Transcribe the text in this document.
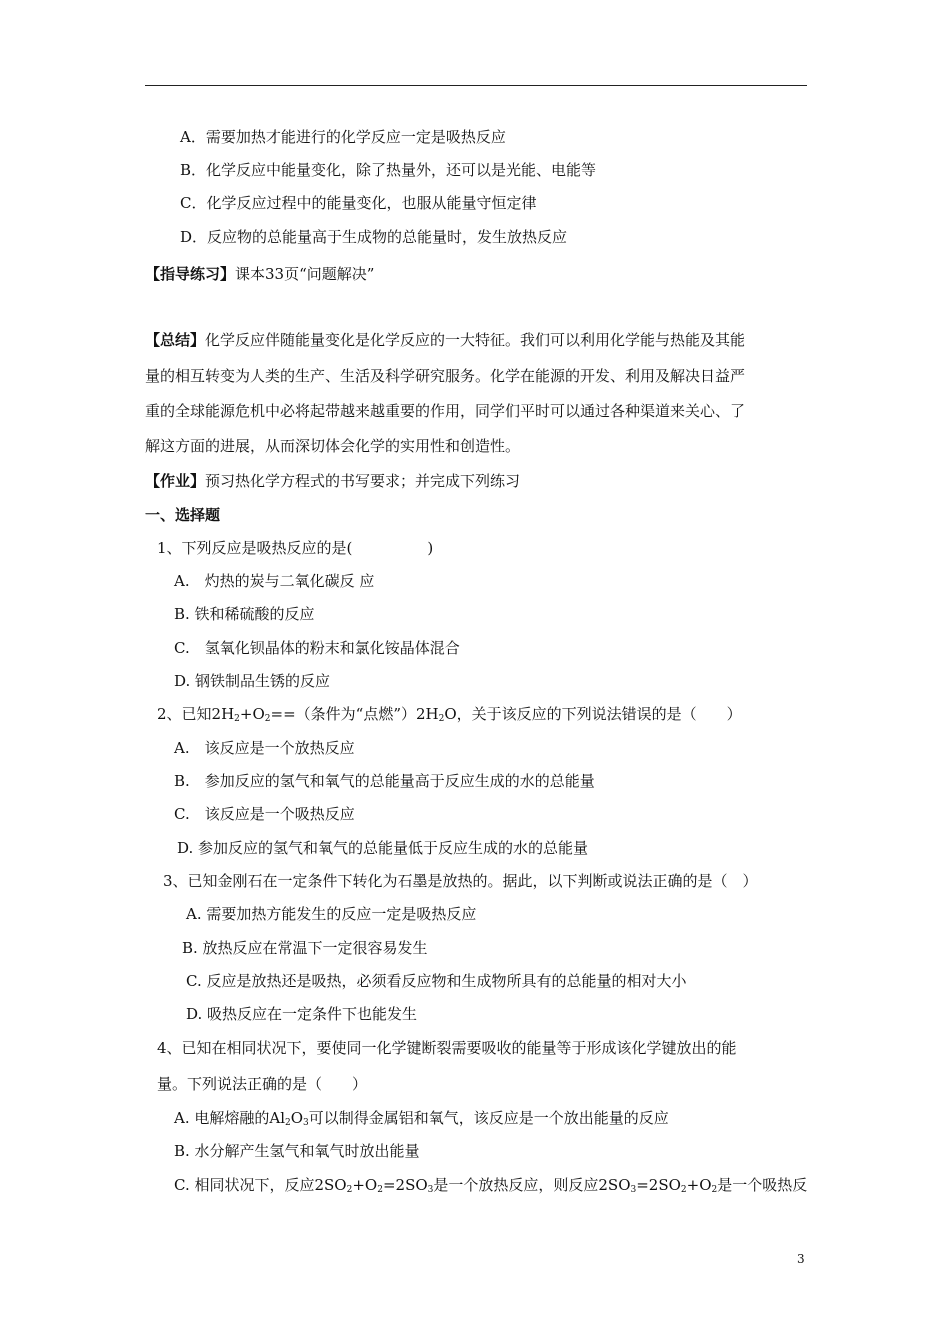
A．需要加热才能进行的化学反应一定是吸热反应
B．化学反应中能量变化，除了热量外，还可以是光能、电能等
C．化学反应过程中的能量变化，也服从能量守恒定律
D．反应物的总能量高于生成物的总能量时，发生放热反应
【指导练习】课本33页“问题解决”
【总结】化学反应伴随能量变化是化学反应的一大特征。我们可以利用化学能与热能及其能
量的相互转变为人类的生产、生活及科学研究服务。化学在能源的开发、利用及解决日益严
重的全球能源危机中必将起带越来越重要的作用，同学们平时可以通过各种渠道来关心、了
解这方面的进展，从而深切体会化学的实用性和创造性。
【作业】预习热化学方程式的书写要求；并完成下列练习
一、选择题
1、下列反应是吸热反应的是(　　　　　)
A.　灼热的炭与二氧化碳反 应
B. 铁和稀硫酸的反应
C.　氢氧化钡晶体的粉末和氯化铵晶体混合
D. 钢铁制品生锈的反应
2、已知$2H_2+O_2==$（条件为“点燃$”)2H_2O$，关于该反应的下列说法错误的是（　　）
A.　该反应是一个放热反应
B.　参加反应的氢气和氧气的总能量高于反应生成的水的总能量
C.　该反应是一个吸热反应
D. 参加反应的氢气和氧气的总能量低于反应生成的水的总能量
3、已知金刚石在一定条件下转化为石墨是放热的。据此，以下判断或说法正确的是（　）
A. 需要加热方能发生的反应一定是吸热反应
B. 放热反应在常温下一定很容易发生
C. 反应是放热还是吸热，必须看反应物和生成物所具有的总能量的相对大小
D. 吸热反应在一定条件下也能发生
4、已知在相同状况下，要使同一化学键断裂需要吸收的能量等于形成该化学键放出的能
量。下列说法正确的是（　　）
A. 电解熔融的$Al_2O_3$可以制得金属铝和氧气，该反应是一个放出能量的反应
B. 水分解产生氢气和氧气时放出能量
C. 相同状况下，反应$2SO_2+O_2=2SO_3$是一个放热反应，则反应$2SO_3=2SO_2+O_2$是一个吸热反
3
